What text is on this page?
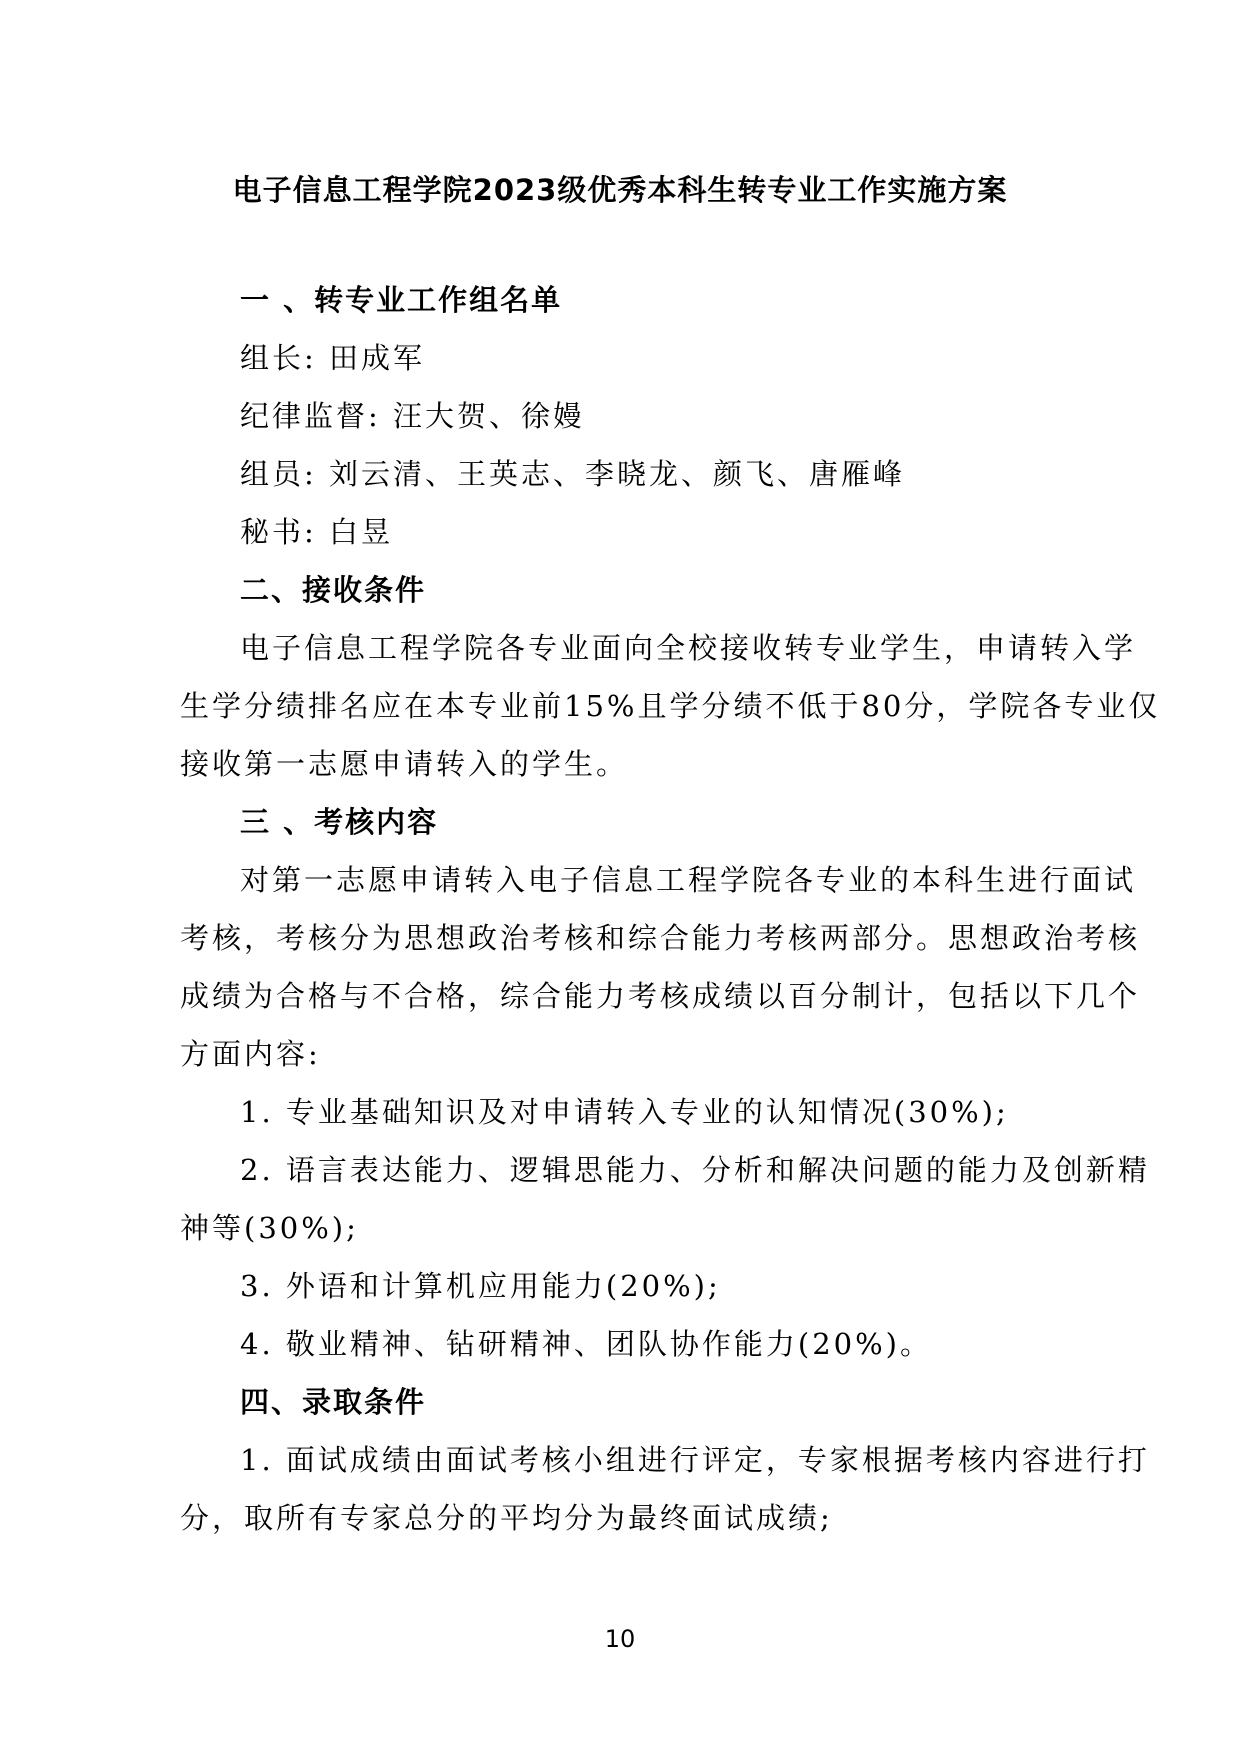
电子信息工程学院2023级优秀本科生转专业工作实施方案

一 、转专业工作组名单

组长: 田成军

纪律监督: 汪大贺、徐嫚

组员: 刘云清、王英志、李晓龙、颜飞、唐雁峰

秘书: 白昱

二、接收条件

电子信息工程学院各专业面向全校接收转专业学生，申请转入学

生学分绩排名应在本专业前15%且学分绩不低于80分，学院各专业仅

接收第一志愿申请转入的学生。

三 、考核内容

对第一志愿申请转入电子信息工程学院各专业的本科生进行面试

考核，考核分为思想政治考核和综合能力考核两部分。思想政治考核

成绩为合格与不合格，综合能力考核成绩以百分制计，包括以下几个

方面内容:

1. 专业基础知识及对申请转入专业的认知情况(30%);

2. 语言表达能力、逻辑思能力、分析和解决问题的能力及创新精

神等(30%);

3. 外语和计算机应用能力(20%);

4. 敬业精神、钻研精神、团队协作能力(20%)。

四、录取条件

1. 面试成绩由面试考核小组进行评定，专家根据考核内容进行打

分，取所有专家总分的平均分为最终面试成绩;

10
